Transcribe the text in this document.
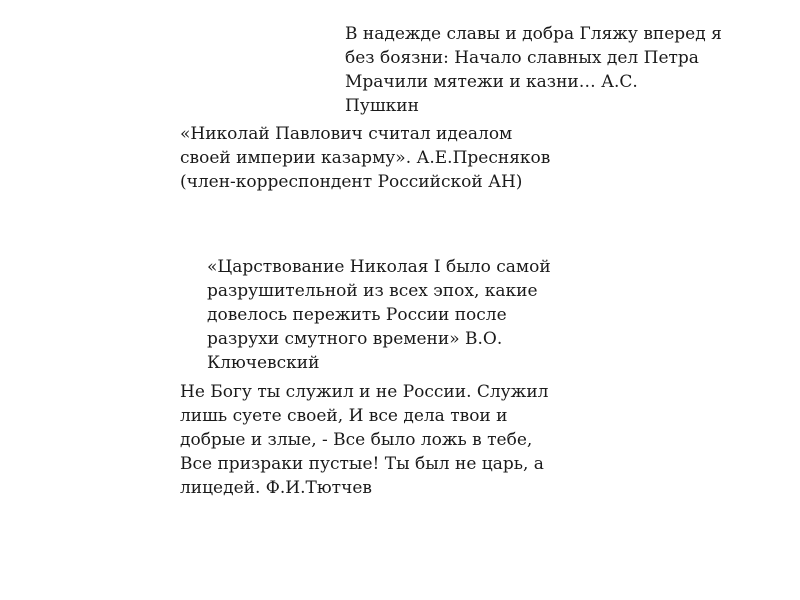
В надежде славы и добра Гляжу вперед я
без боязни: Начало славных дел Петра
Мрачили мятежи и казни… А.С.
Пушкин

«Николай Павлович считал идеалом
своей империи казарму». А.Е.Пресняков
(член-корреспондент Российской АН)

«Царствование Николая I было самой
разрушительной из всех эпох, какие
довелось пережить России после
разрухи смутного времени» В.О.
Ключевский

Не Богу ты служил и не России. Служил
лишь суете своей, И все дела твои и
добрые и злые, - Все было ложь в тебе,
Все призраки пустые! Ты был не царь, а
лицедей. Ф.И.Тютчев
